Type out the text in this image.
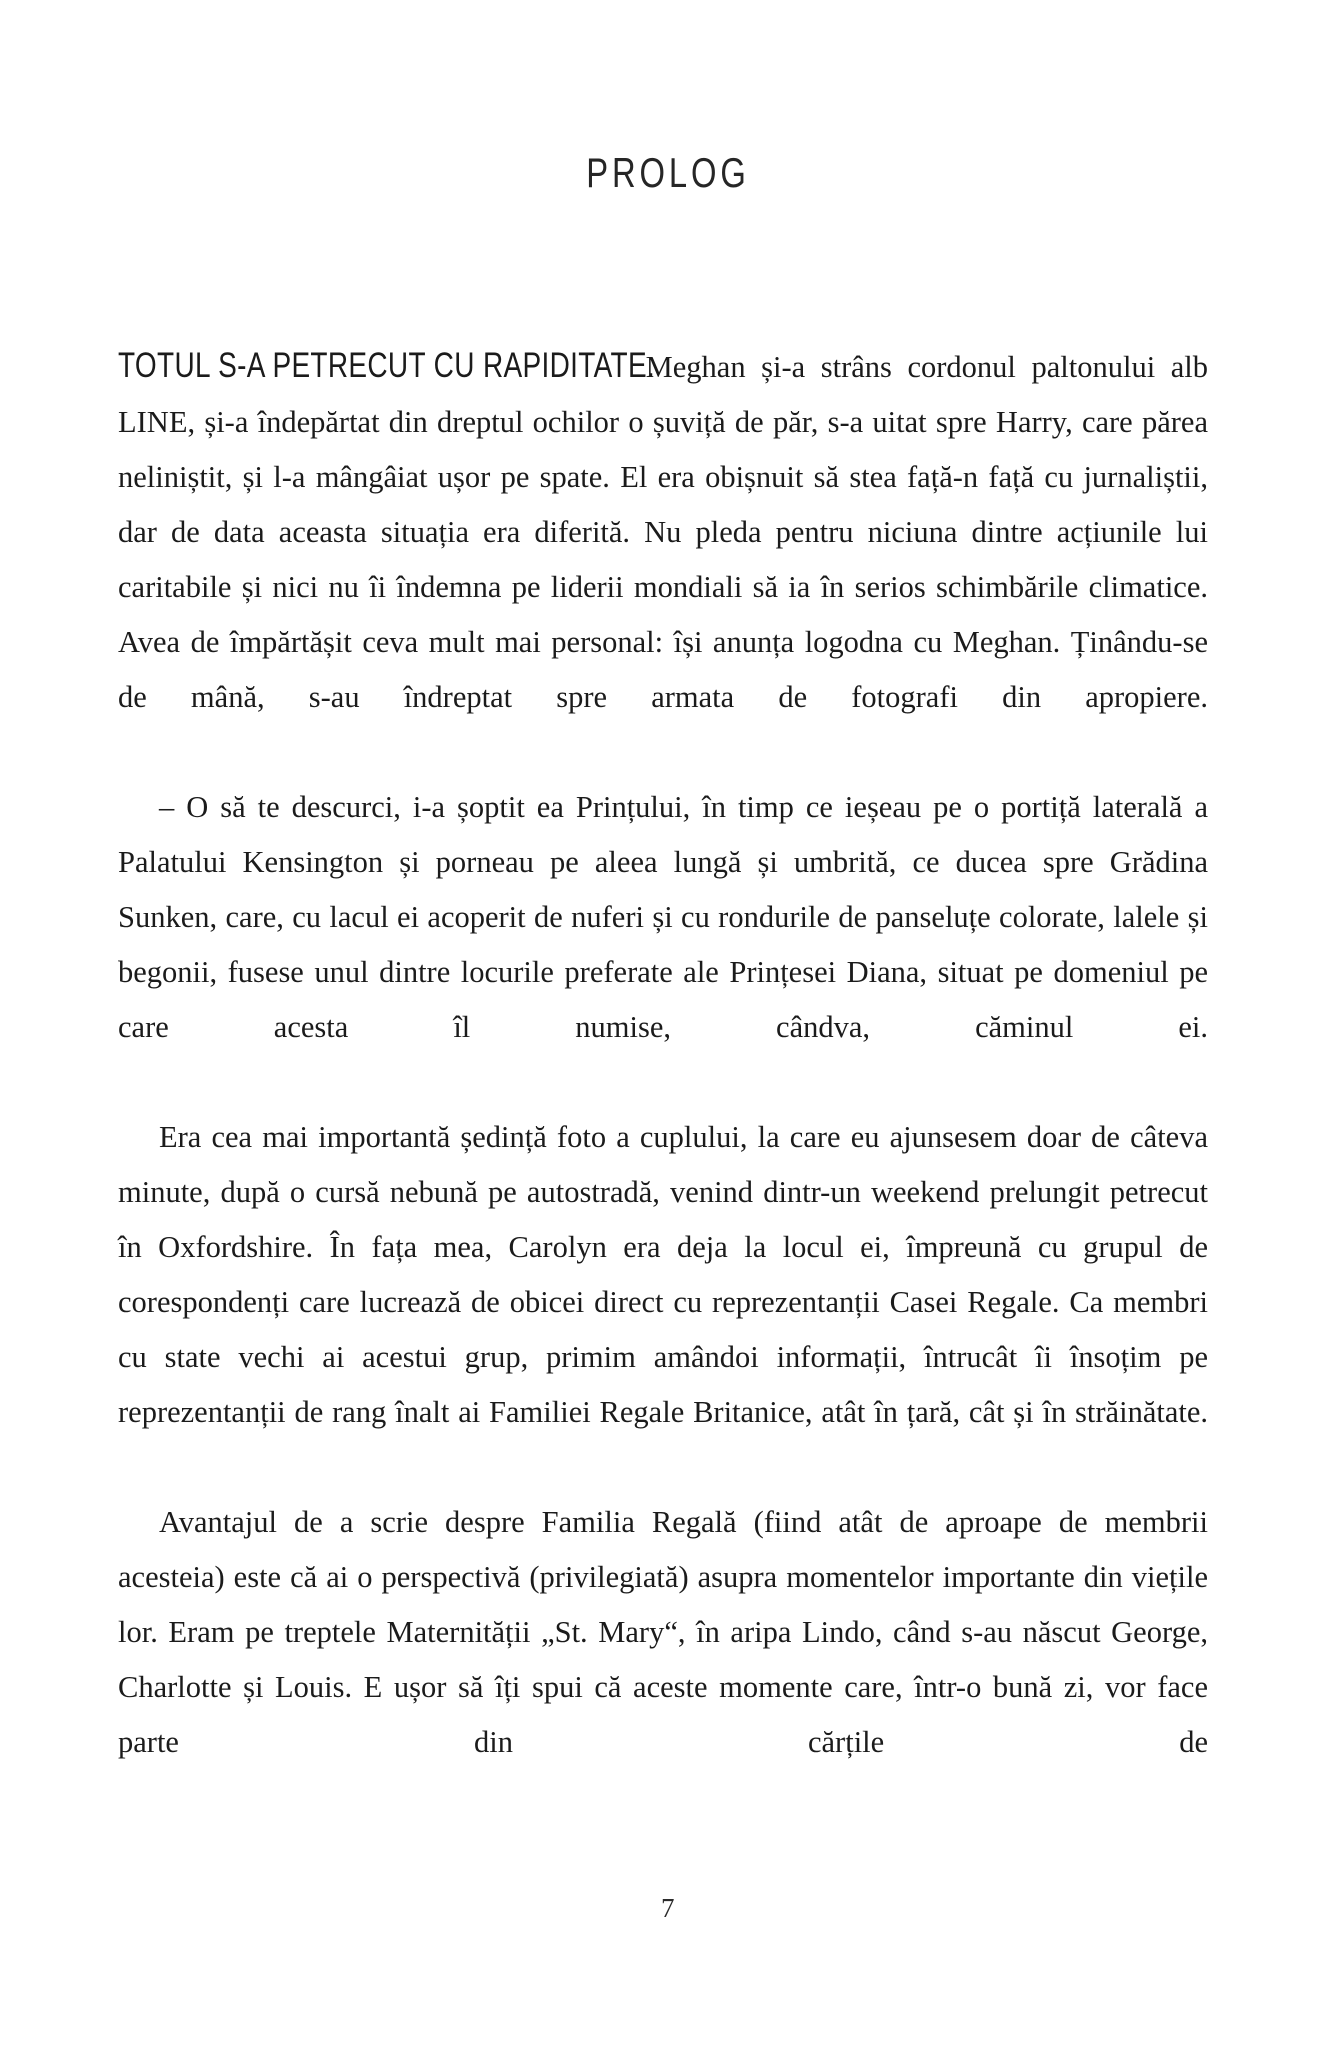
PROLOG

TOTUL S-A PETRECUT CU RAPIDITATE. Meghan și-a strâns cordonul paltonului alb LINE, și-a îndepărtat din dreptul ochilor o șuviță de păr, s-a uitat spre Harry, care părea neliniștit, și l-a mângâiat ușor pe spate. El era obișnuit să stea față-n față cu jurnaliștii, dar de data aceasta situația era diferită. Nu pleda pentru niciuna dintre acțiunile lui caritabile și nici nu îi îndemna pe liderii mondiali să ia în serios schimbările climatice. Avea de împărtășit ceva mult mai personal: își anunța logodna cu Meghan. Ținându-se de mână, s-au îndreptat spre armata de fotografi din apropiere.

– O să te descurci, i-a șoptit ea Prințului, în timp ce ieșeau pe o portiță laterală a Palatului Kensington și porneau pe aleea lungă și umbrită, ce ducea spre Grădina Sunken, care, cu lacul ei acoperit de nuferi și cu rondurile de panseluțe colorate, lalele și begonii, fusese unul dintre locurile preferate ale Prințesei Diana, situat pe domeniul pe care acesta îl numise, cândva, căminul ei.

Era cea mai importantă ședință foto a cuplului, la care eu ajunsesem doar de câteva minute, după o cursă nebună pe autostradă, venind dintr-un weekend prelungit petrecut în Oxfordshire. În fața mea, Carolyn era deja la locul ei, împreună cu grupul de corespondenți care lucrează de obicei direct cu reprezentanții Casei Regale. Ca membri cu state vechi ai acestui grup, primim amândoi informații, întrucât îi însoțim pe reprezentanții de rang înalt ai Familiei Regale Britanice, atât în țară, cât și în străinătate.

Avantajul de a scrie despre Familia Regală (fiind atât de aproape de membrii acesteia) este că ai o perspectivă (privilegiată) asupra momentelor importante din viețile lor. Eram pe treptele Maternității „St. Mary“, în aripa Lindo, când s-au născut George, Charlotte și Louis. E ușor să îți spui că aceste momente care, într-o bună zi, vor face parte din cărțile de

7
